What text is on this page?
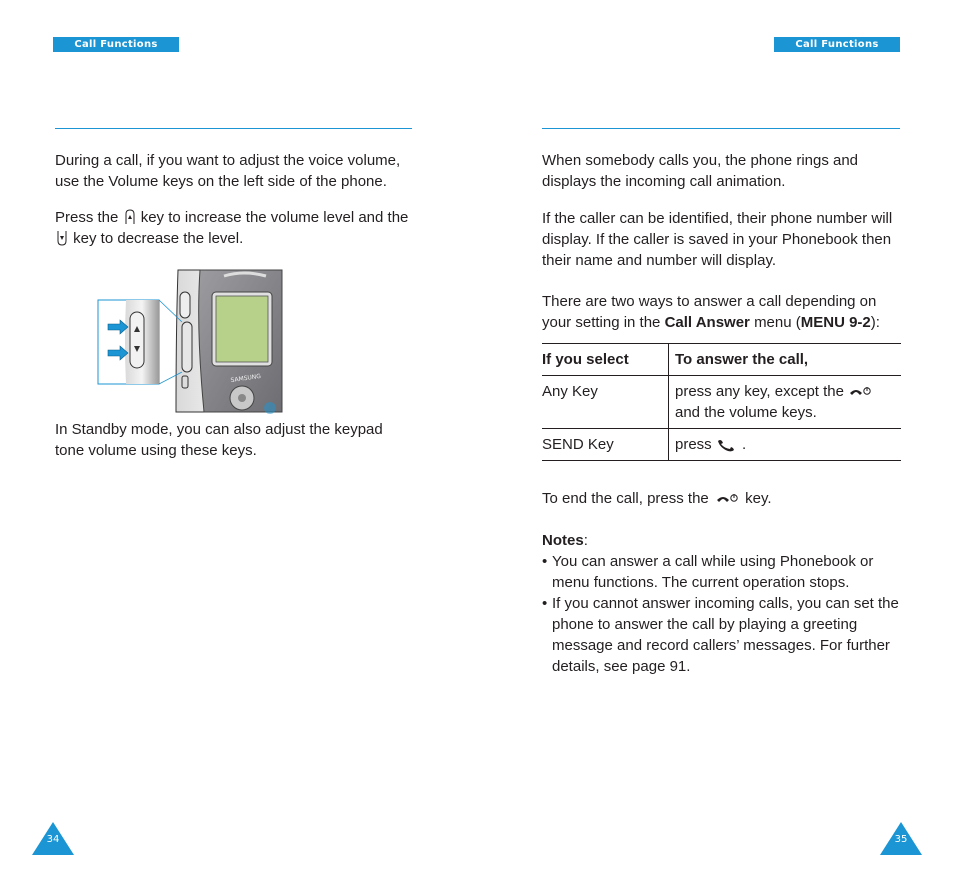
Call Functions	Call Functions

During a call, if you want to adjust the voice volume, use the Volume keys on the left side of the phone.

Press the key to increase the volume level and the
key to decrease the level.

SAMSUNG

In Standby mode, you can also adjust the keypad tone volume using these keys.

34

When somebody calls you, the phone rings and displays the incoming call animation.

If the caller can be identified, their phone number will display. If the caller is saved in your Phonebook then their name and number will display.

There are two ways to answer a call depending on your setting in the Call Answer menu (MENU 9-2):

If you select	To answer the call,
Any Key	press any key, except the
and the volume keys.
SEND Key	press .

To end the call, press the key.

Notes:
• You can answer a call while using Phonebook or menu functions. The current operation stops.
• If you cannot answer incoming calls, you can set the phone to answer the call by playing a greeting message and record callers’ messages. For further details, see page 91.
35
